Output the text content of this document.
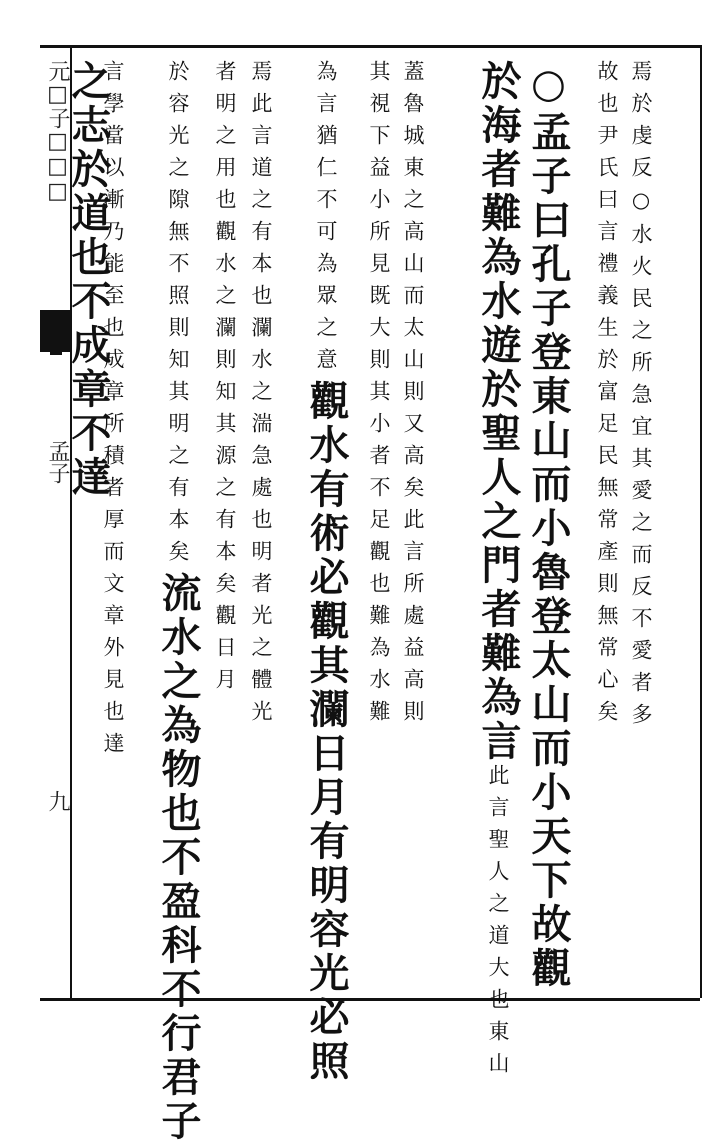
元□子□□□
孟子
九
焉於虔反○水火民之所急宜其愛之而反不愛者多
故也尹氏曰言禮義生於富足民無常產則無常心矣
○孟子曰孔子登東山而小魯登太山而小天下故觀
於海者難為水遊於聖人之門者難為言此言聖人之道大也東山
蓋魯城東之高山而太山則又高矣此言所處益高則
其視下益小所見既大則其小者不足觀也難為水難
為言猶仁不可為眾之意觀水有術必觀其瀾日月有明容光必照
焉此言道之有本也瀾水之湍急處也明者光之體光
者明之用也觀水之瀾則知其源之有本矣觀日月
於容光之隙無不照則知其明之有本矣流水之為物也不盈科不行君子
之志於道也不成章不達
言學當以漸乃能至也成章所積者厚而文章外見也達
